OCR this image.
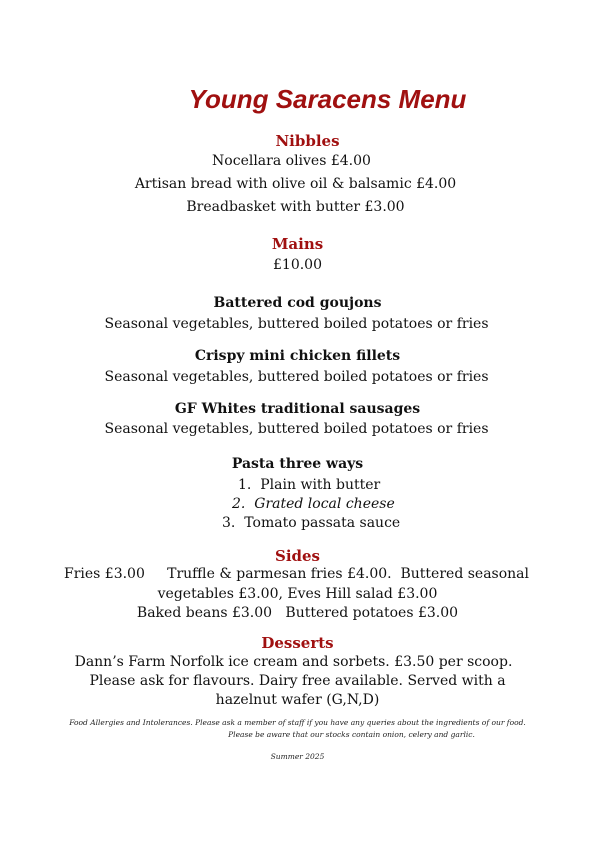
Young Saracens Menu
Nibbles
Nocellara olives £4.00
Artisan bread with olive oil & balsamic £4.00
Breadbasket with butter £3.00
Mains
£10.00
Battered cod goujons
Seasonal vegetables, buttered boiled potatoes or fries
Crispy mini chicken fillets
Seasonal vegetables, buttered boiled potatoes or fries
GF Whites traditional sausages
Seasonal vegetables, buttered boiled potatoes or fries
Pasta three ways
1. Plain with butter
2. Grated local cheese
3. Tomato passata sauce
Sides
Fries £3.00     Truffle & parmesan fries £4.00.  Buttered seasonal
vegetables £3.00, Eves Hill salad £3.00
Baked beans £3.00   Buttered potatoes £3.00
Desserts
Dann’s Farm Norfolk ice cream and sorbets. £3.50 per scoop.
Please ask for flavours. Dairy free available. Served with a
hazelnut wafer (G,N,D)
Food Allergies and Intolerances. Please ask a member of staff if you have any queries about the ingredients of our food.
Please be aware that our stocks contain onion, celery and garlic.
Summer 2025
